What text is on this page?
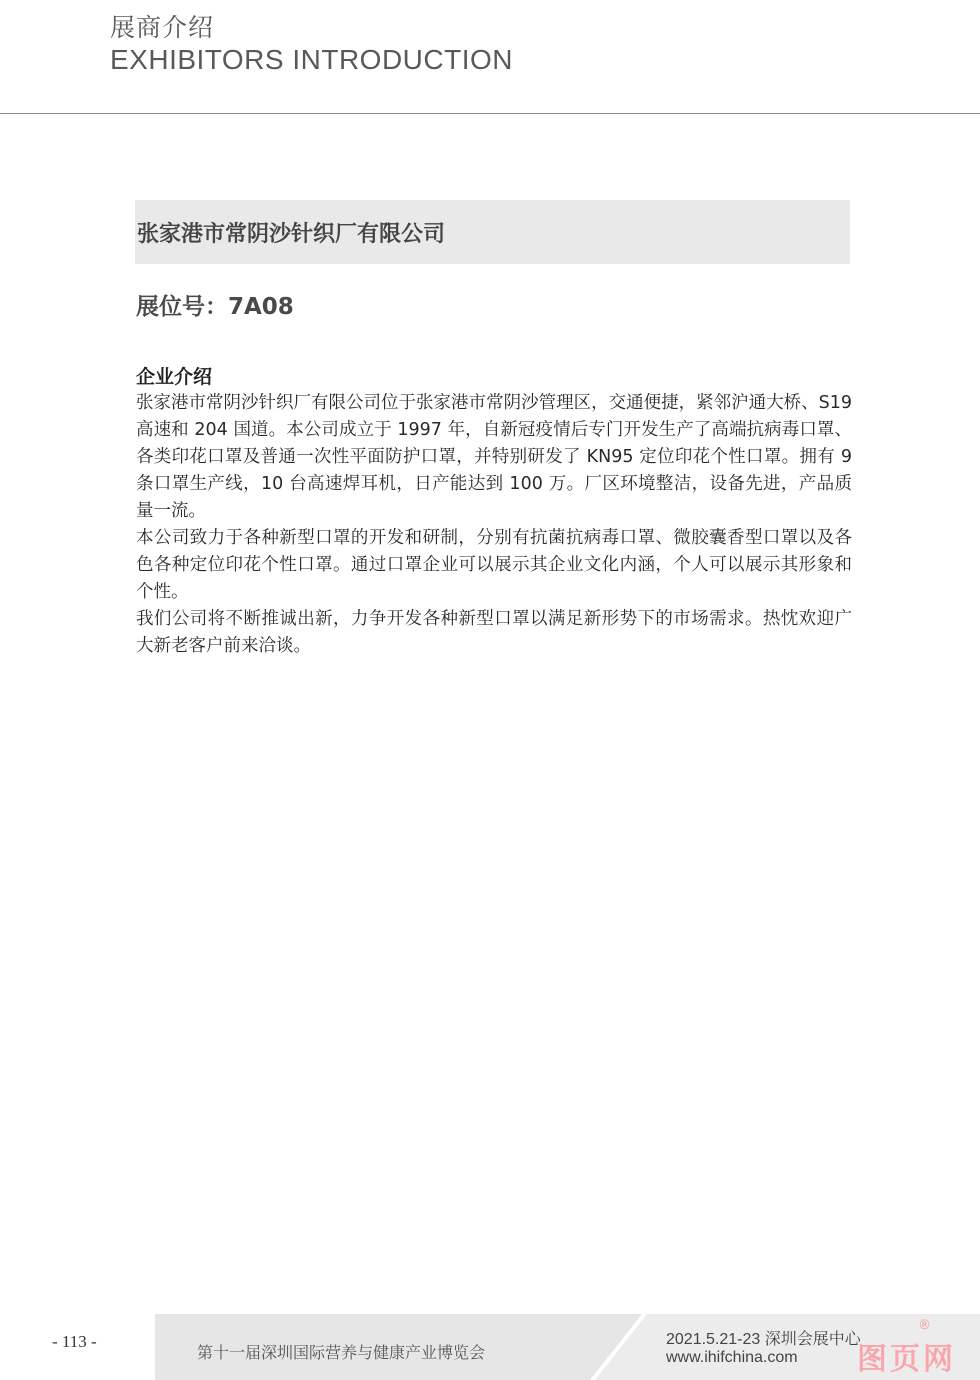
展商介绍
EXHIBITORS INTRODUCTION
张家港市常阴沙针织厂有限公司
展位号：7A08
企业介绍

张家港市常阴沙针织厂有限公司位于张家港市常阴沙管理区，交通便捷，紧邻沪通大桥、S19 高速和 204 国道。本公司成立于 1997 年，自新冠疫情后专门开发生产了高端抗病毒口罩、各类印花口罩及普通一次性平面防护口罩，并特别研发了 KN95 定位印花个性口罩。拥有 9 条口罩生产线，10 台高速焊耳机，日产能达到 100 万。厂区环境整洁，设备先进，产品质量一流。

本公司致力于各种新型口罩的开发和研制，分别有抗菌抗病毒口罩、微胶囊香型口罩以及各色各种定位印花个性口罩。通过口罩企业可以展示其企业文化内涵，个人可以展示其形象和个性。

我们公司将不断推诚出新，力争开发各种新型口罩以满足新形势下的市场需求。热忱欢迎广大新老客户前来洽谈。

- 113 -
第十一届深圳国际营养与健康产业博览会
2021.5.21-23 深圳会展中心
www.ihifchina.com 图页网
®
